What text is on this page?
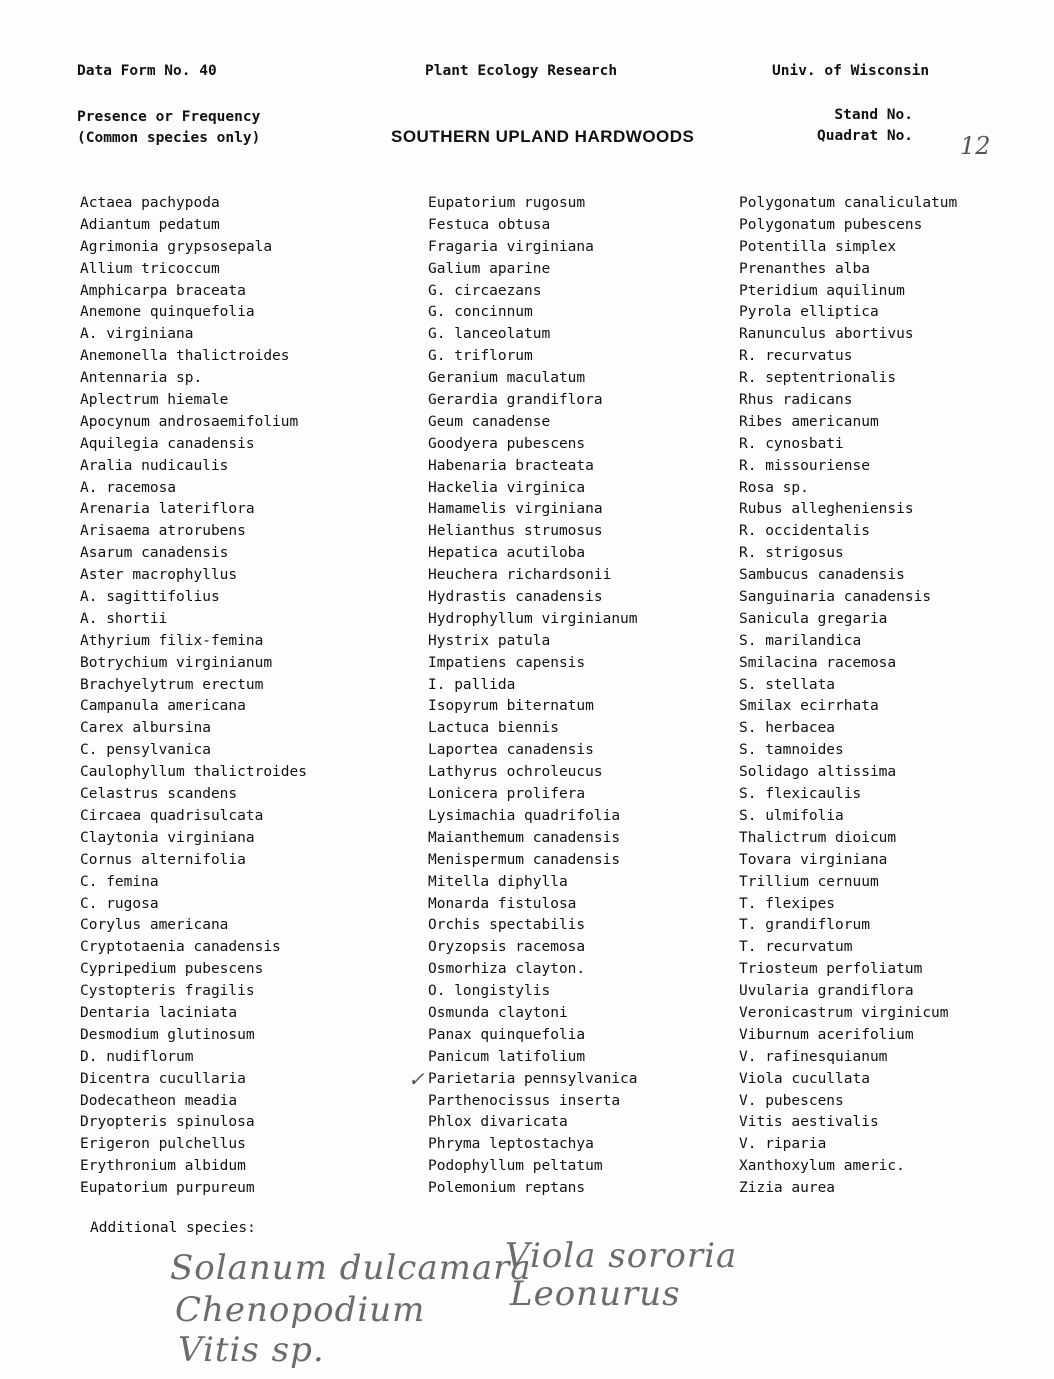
Data Form No. 40	Plant Ecology Research	Univ. of Wisconsin
Presence or Frequency
(Common species only)	SOUTHERN UPLAND HARDWOODS
Stand No.
Quadrat No. 12
Actaea pachypoda
Adiantum pedatum
Agrimonia grypsosepala
Allium tricoccum
Amphicarpa braceata
Anemone quinquefolia
A. virginiana
Anemonella thalictroides
Antennaria sp.
Aplectrum hiemale
Apocynum androsaemifolium
Aquilegia canadensis
Aralia nudicaulis
A. racemosa
Arenaria lateriflora
Arisaema atrorubens
Asarum canadensis
Aster macrophyllus
A. sagittifolius
A. shortii
Athyrium filix-femina
Botrychium virginianum
Brachyelytrum erectum
Campanula americana
Carex albursina
C. pensylvanica
Caulophyllum thalictroides
Celastrus scandens
Circaea quadrisulcata
Claytonia virginiana
Cornus alternifolia
C. femina
C. rugosa
Corylus americana
Cryptotaenia canadensis
Cypripedium pubescens
Cystopteris fragilis
Dentaria laciniata
Desmodium glutinosum
D. nudiflorum
Dicentra cucullaria
Dodecatheon meadia
Dryopteris spinulosa
Erigeron pulchellus
Erythronium albidum
Eupatorium purpureum
Eupatorium rugosum
Festuca obtusa
Fragaria virginiana
Galium aparine
G. circaezans
G. concinnum
G. lanceolatum
G. triflorum
Geranium maculatum
Gerardia grandiflora
Geum canadense
Goodyera pubescens
Habenaria bracteata
Hackelia virginica
Hamamelis virginiana
Helianthus strumosus
Hepatica acutiloba
Heuchera richardsonii
Hydrastis canadensis
Hydrophyllum virginianum
Hystrix patula
Impatiens capensis
I. pallida
Isopyrum biternatum
Lactuca biennis
Laportea canadensis
Lathyrus ochroleucus
Lonicera prolifera
Lysimachia quadrifolia
Maianthemum canadensis
Menispermum canadensis
Mitella diphylla
Monarda fistulosa
Orchis spectabilis
Oryzopsis racemosa
Osmorhiza clayton.
O. longistylis
Osmunda claytoni
Panax quinquefolia
Panicum latifolium
Parietaria pennsylvanica
Parthenocissus inserta
Phlox divaricata
Phryma leptostachya
Podophyllum peltatum
Polemonium reptans
Polygonatum canaliculatum
Polygonatum pubescens
Potentilla simplex
Prenanthes alba
Pteridium aquilinum
Pyrola elliptica
Ranunculus abortivus
R. recurvatus
R. septentrionalis
Rhus radicans
Ribes americanum
R. cynosbati
R. missouriense
Rosa sp.
Rubus allegheniensis
R. occidentalis
R. strigosus
Sambucus canadensis
Sanguinaria canadensis
Sanicula gregaria
S. marilandica
Smilacina racemosa
S. stellata
Smilax ecirrhata
S. herbacea
S. tamnoides
Solidago altissima
S. flexicaulis
S. ulmifolia
Thalictrum dioicum
Tovara virginiana
Trillium cernuum
T. flexipes
T. grandiflorum
T. recurvatum
Triosteum perfoliatum
Uvularia grandiflora
Veronicastrum virginicum
Viburnum acerifolium
V. rafinesquianum
Viola cucullata
V. pubescens
Vitis aestivalis
V. riparia
Xanthoxylum americ.
Zizia aurea
✓
Additional species:
Solanum dulcamara
Chenopodium
Vitis sp.
Viola sororia
Leonurus
